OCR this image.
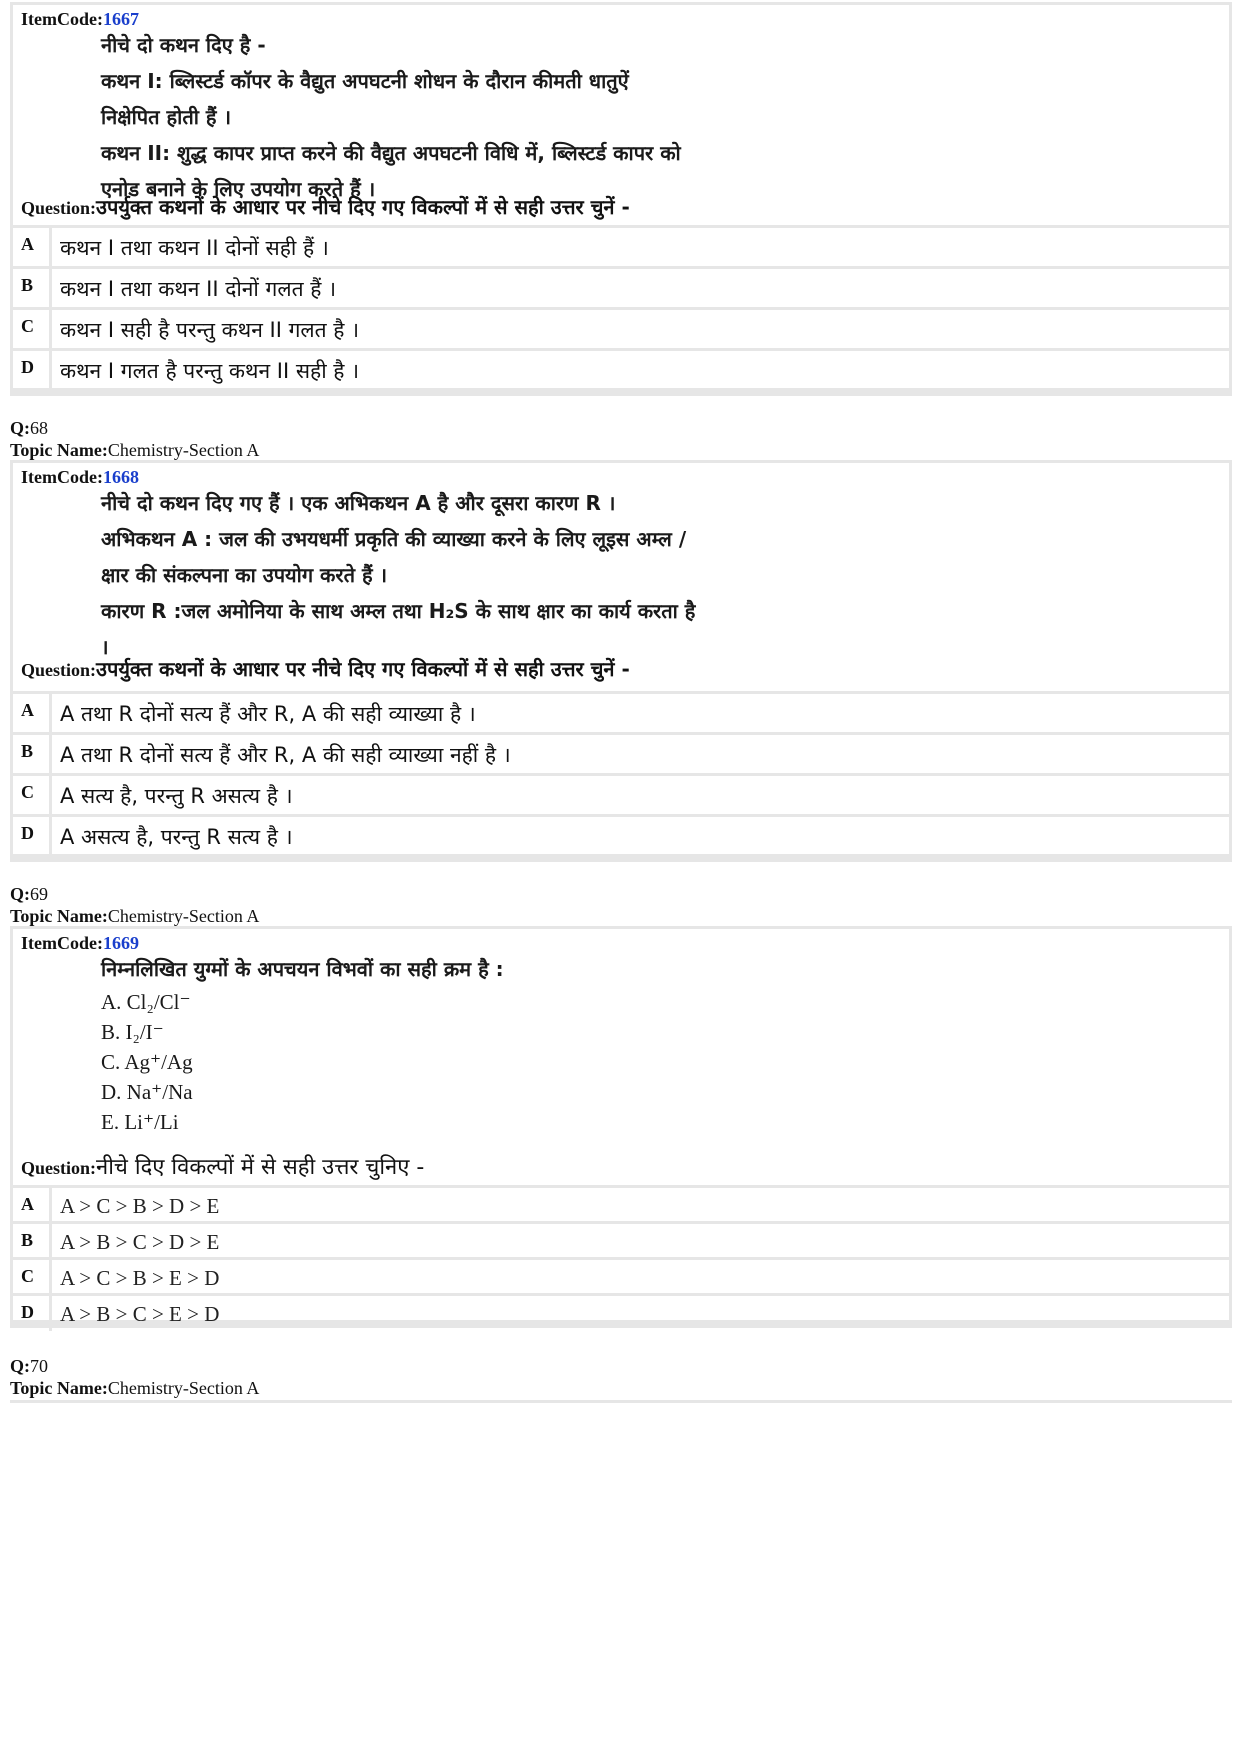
ItemCode:1667
नीचे दो कथन दिए है -
कथन I: ब्लिस्टर्ड कॉपर के वैद्युत अपघटनी शोधन के दौरान कीमती धातुऐं
निक्षेपित होती हैं ।
कथन II: शुद्ध कापर प्राप्त करने की वैद्युत अपघटनी विधि में, ब्लिस्टर्ड कापर को
एनोड बनाने के लिए उपयोग करते हैं ।
Question:उपर्युक्त कथनों के आधार पर नीचे दिए गए विकल्पों में से सही उत्तर चुनें -
A	कथन I तथा कथन II दोनों सही हैं ।
B	कथन I तथा कथन II दोनों गलत हैं ।
C	कथन I सही है परन्तु कथन II गलत है ।
D	कथन I गलत है परन्तु कथन II सही है ।
Q:68
Topic Name:Chemistry-Section A
ItemCode:1668
नीचे दो कथन दिए गए हैं । एक अभिकथन A है और दूसरा कारण R ।
अभिकथन A : जल की उभयधर्मी प्रकृति की व्याख्या करने के लिए लूइस अम्ल /
क्षार की संकल्पना का उपयोग करते हैं ।
कारण R :जल अमोनिया के साथ अम्ल तथा H₂S के साथ क्षार का कार्य करता है
।
Question:उपर्युक्त कथनों के आधार पर नीचे दिए गए विकल्पों में से सही उत्तर चुनें -
A	A तथा R दोनों सत्य हैं और R, A की सही व्याख्या है ।
B	A तथा R दोनों सत्य हैं और R, A की सही व्याख्या नहीं है ।
C	A सत्य है, परन्तु R असत्य है ।
D	A असत्य है, परन्तु R सत्य है ।
Q:69
Topic Name:Chemistry-Section A
ItemCode:1669
निम्नलिखित युग्मों के अपचयन विभवों का सही क्रम है :
A. Cl₂/Cl⁻
B. I₂/I⁻
C. Ag⁺/Ag
D. Na⁺/Na
E. Li⁺/Li
Question:नीचे दिए विकल्पों में से सही उत्तर चुनिए -
A	A > C > B > D > E
B	A > B > C > D > E
C	A > C > B > E > D
D	A > B > C > E > D
Q:70
Topic Name:Chemistry-Section A
